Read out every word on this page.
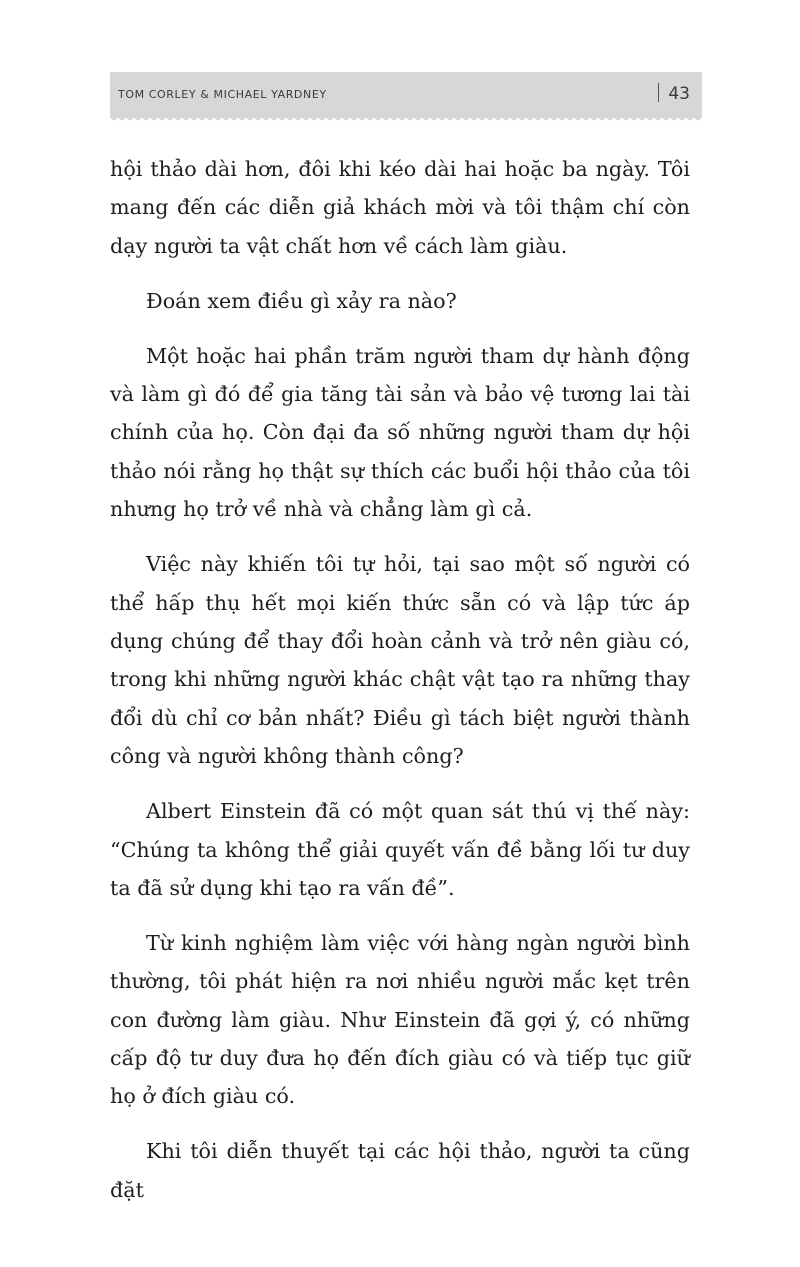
TOM CORLEY & MICHAEL YARDNEY	43

hội thảo dài hơn, đôi khi kéo dài hai hoặc ba ngày. Tôi mang đến các diễn giả khách mời và tôi thậm chí còn dạy người ta vật chất hơn về cách làm giàu.

Đoán xem điều gì xảy ra nào?

Một hoặc hai phần trăm người tham dự hành động và làm gì đó để gia tăng tài sản và bảo vệ tương lai tài chính của họ. Còn đại đa số những người tham dự hội thảo nói rằng họ thật sự thích các buổi hội thảo của tôi nhưng họ trở về nhà và chẳng làm gì cả.

Việc này khiến tôi tự hỏi, tại sao một số người có thể hấp thụ hết mọi kiến thức sẵn có và lập tức áp dụng chúng để thay đổi hoàn cảnh và trở nên giàu có, trong khi những người khác chật vật tạo ra những thay đổi dù chỉ cơ bản nhất? Điều gì tách biệt người thành công và người không thành công?

Albert Einstein đã có một quan sát thú vị thế này: “Chúng ta không thể giải quyết vấn đề bằng lối tư duy ta đã sử dụng khi tạo ra vấn đề”.

Từ kinh nghiệm làm việc với hàng ngàn người bình thường, tôi phát hiện ra nơi nhiều người mắc kẹt trên con đường làm giàu. Như Einstein đã gợi ý, có những cấp độ tư duy đưa họ đến đích giàu có và tiếp tục giữ họ ở đích giàu có.

Khi tôi diễn thuyết tại các hội thảo, người ta cũng đặt
